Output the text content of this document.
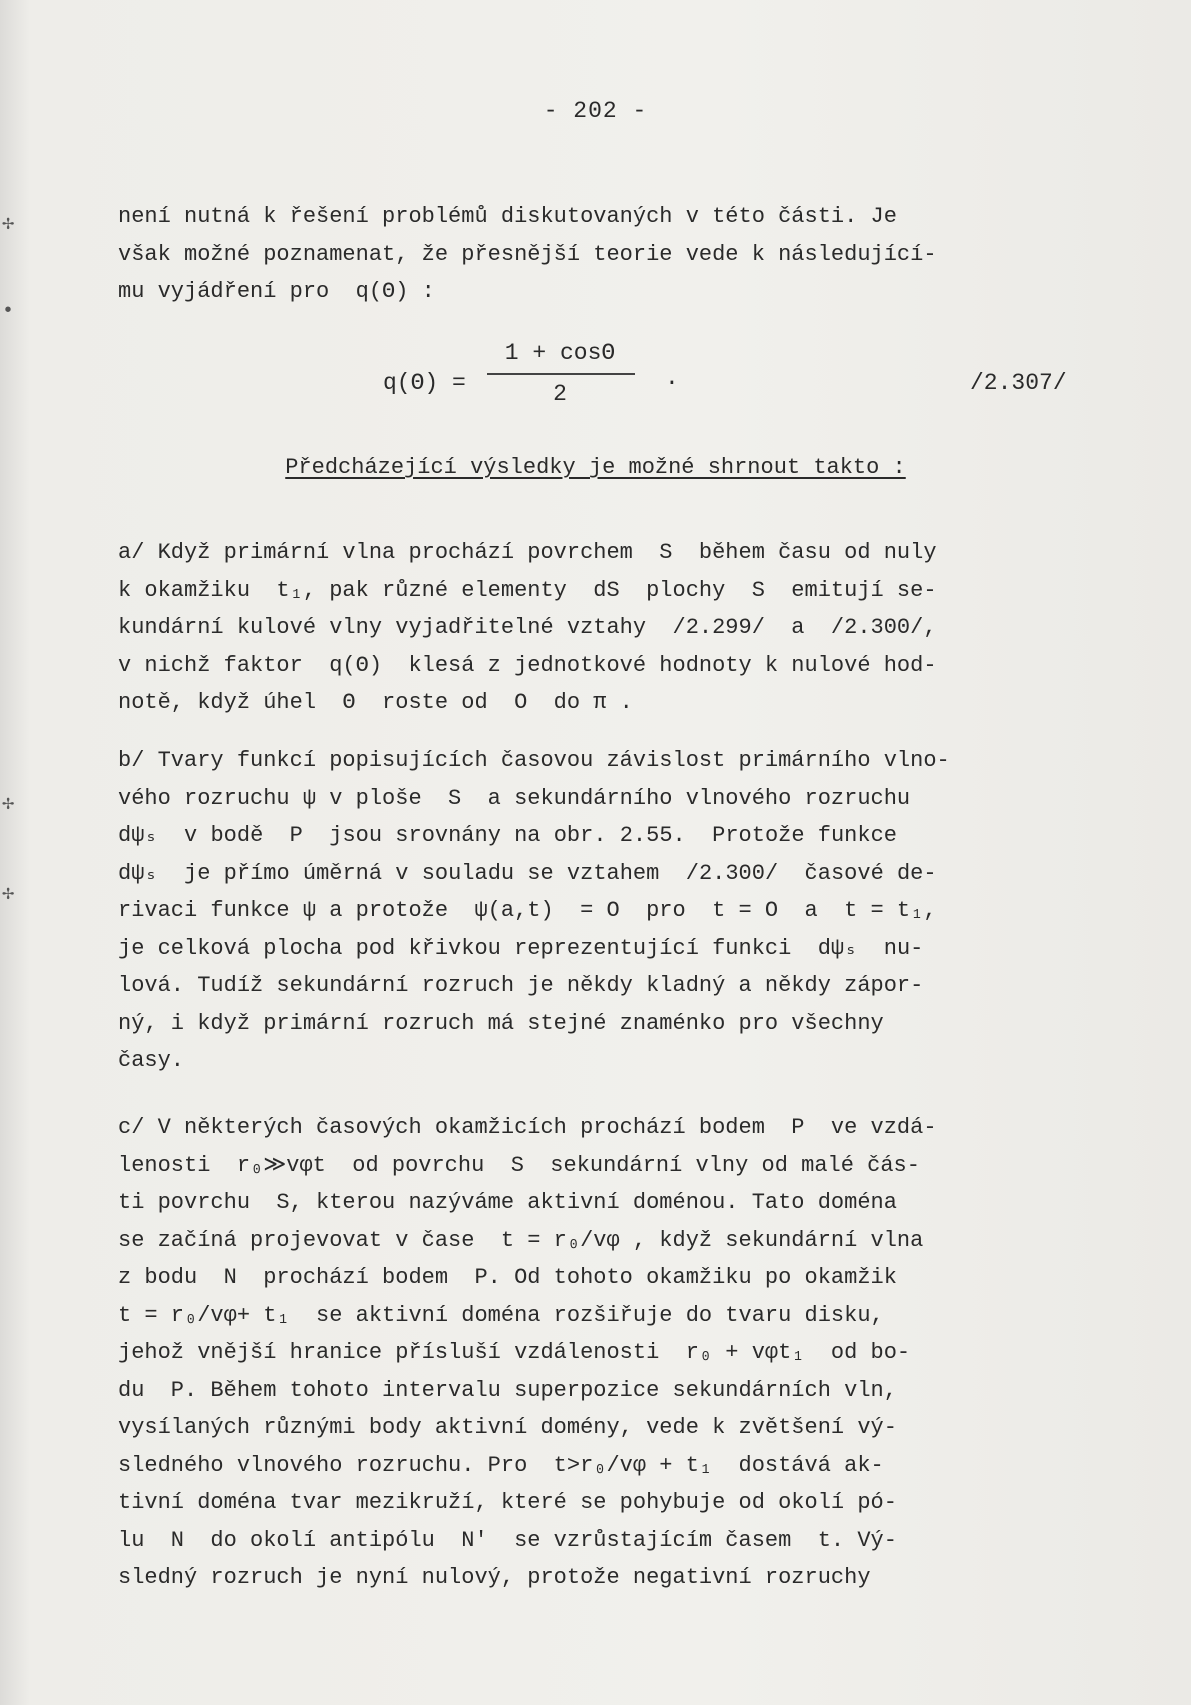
✢
•
✢
✢
- 202 -
není nutná k řešení problémů diskutovaných v této části. Je
však možné poznamenat, že přesnější teorie vede k následující-
mu vyjádření pro  q(Θ) :
q(Θ) =
1 + cosΘ
2
.	/2.307/
Předcházející výsledky je možné shrnout takto :
a/ Když primární vlna prochází povrchem  S  během času od nuly
k okamžiku  t₁, pak různé elementy  dS  plochy  S  emitují se-
kundární kulové vlny vyjadřitelné vztahy  /2.299/  a  /2.300/,
v nichž faktor  q(Θ)  klesá z jednotkové hodnoty k nulové hod-
notě, když úhel  Θ  roste od  O  do π .
b/ Tvary funkcí popisujících časovou závislost primárního vlno-
vého rozruchu ψ v ploše  S  a sekundárního vlnového rozruchu
dψₛ  v bodě  P  jsou srovnány na obr. 2.55.  Protože funkce
dψₛ  je přímo úměrná v souladu se vztahem  /2.300/  časové de-
rivaci funkce ψ a protože  ψ(a,t)  = O  pro  t = O  a  t = t₁,
je celková plocha pod křivkou reprezentující funkci  dψₛ  nu-
lová. Tudíž sekundární rozruch je někdy kladný a někdy zápor-
ný, i když primární rozruch má stejné znaménko pro všechny
časy.
c/ V některých časových okamžicích prochází bodem  P  ve vzdá-
lenosti  r₀≫vφt  od povrchu  S  sekundární vlny od malé čás-
ti povrchu  S, kterou nazýváme aktivní doménou. Tato doména
se začíná projevovat v čase  t = r₀/vφ , když sekundární vlna
z bodu  N  prochází bodem  P. Od tohoto okamžiku po okamžik
t = r₀/vφ+ t₁  se aktivní doména rozšiřuje do tvaru disku,
jehož vnější hranice přísluší vzdálenosti  r₀ + vφt₁  od bo-
du  P. Během tohoto intervalu superpozice sekundárních vln,
vysílaných různými body aktivní domény, vede k zvětšení vý-
sledného vlnového rozruchu. Pro  t>r₀/vφ + t₁  dostává ak-
tivní doména tvar mezikruží, které se pohybuje od okolí pó-
lu  N  do okolí antipólu  N′  se vzrůstajícím časem  t. Vý-
sledný rozruch je nyní nulový, protože negativní rozruchy
